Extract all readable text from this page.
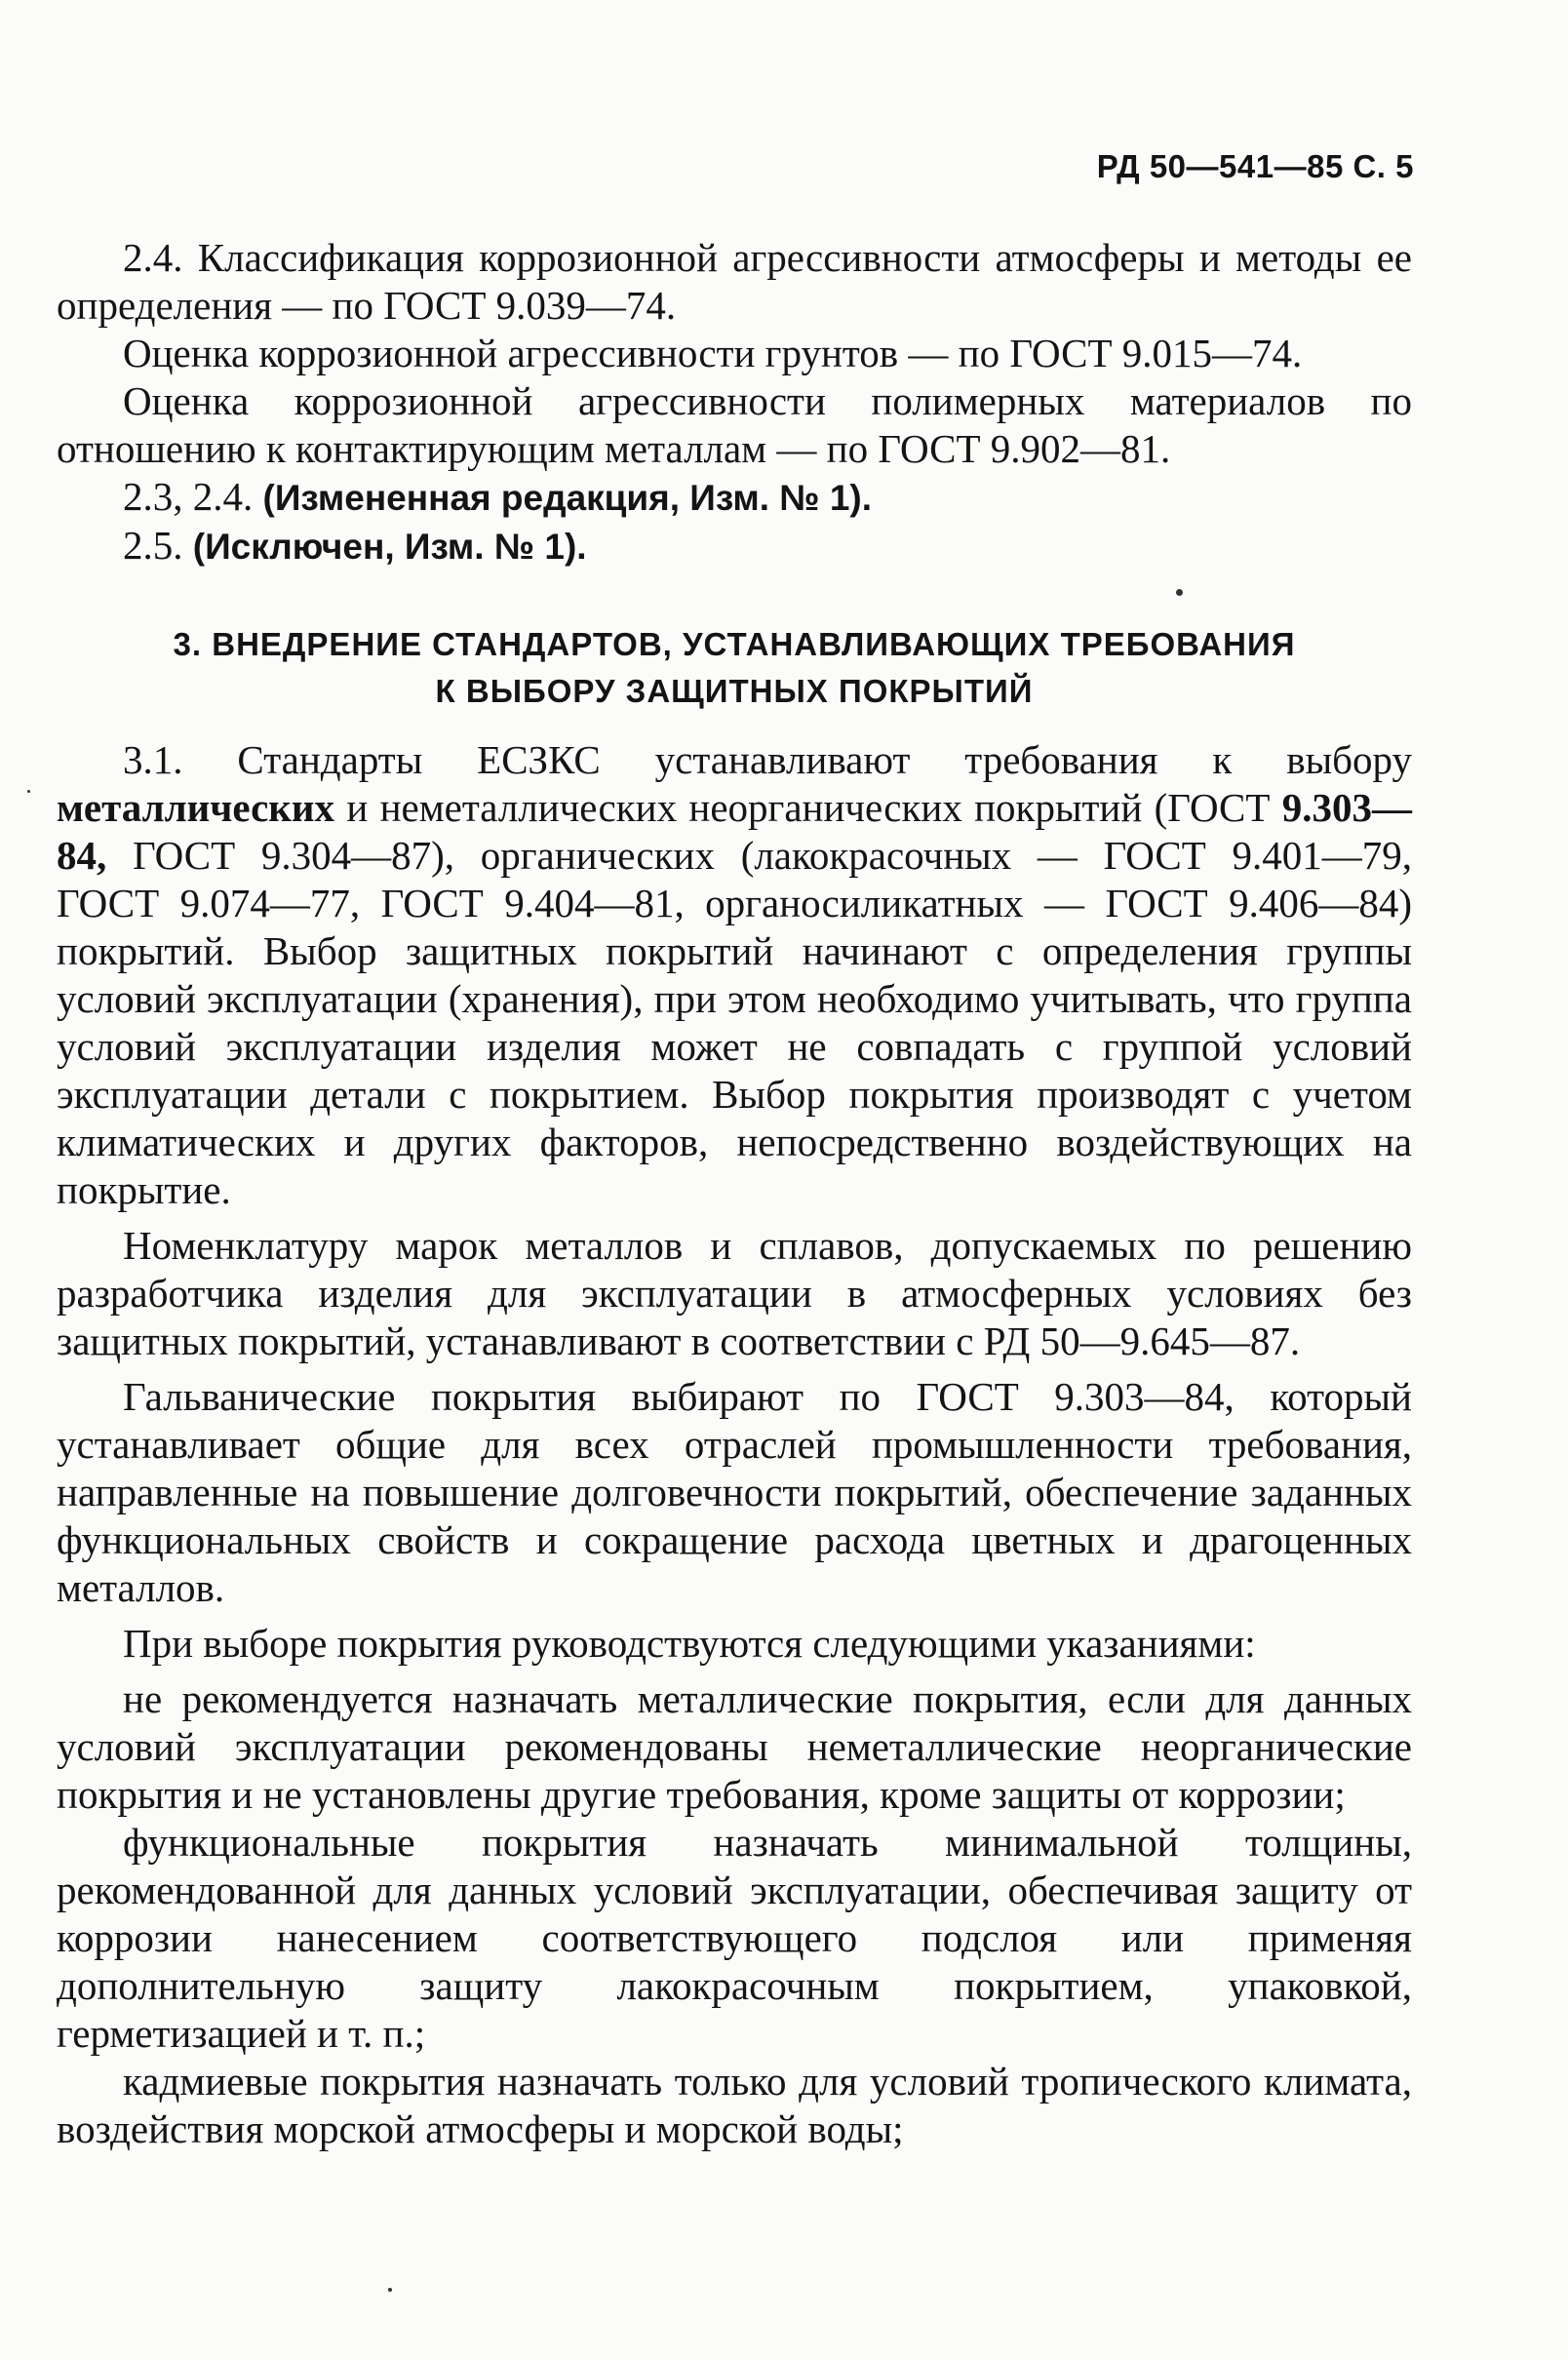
РД 50—541—85 С. 5

2.4. Классификация коррозионной агрессивности атмосферы и методы ее определения — по ГОСТ 9.039—74.

Оценка коррозионной агрессивности грунтов — по ГОСТ 9.015—74.

Оценка коррозионной агрессивности полимерных материалов по отношению к контактирующим металлам — по ГОСТ 9.902—81.

2.3, 2.4. (Измененная редакция, Изм. № 1).

2.5. (Исключен, Изм. № 1).

3. ВНЕДРЕНИЕ СТАНДАРТОВ, УСТАНАВЛИВАЮЩИХ ТРЕБОВАНИЯ
К ВЫБОРУ ЗАЩИТНЫХ ПОКРЫТИЙ

3.1. Стандарты ЕСЗКС устанавливают требования к выбору металлических и неметаллических неорганических покрытий (ГОСТ 9.303—84, ГОСТ 9.304—87), органических (лакокрасочных — ГОСТ 9.401—79, ГОСТ 9.074—77, ГОСТ 9.404—81, органосиликатных — ГОСТ 9.406—84) покрытий. Выбор защитных покрытий начинают с определения группы условий эксплуатации (хранения), при этом необходимо учитывать, что группа условий эксплуатации изделия может не совпадать с группой условий эксплуатации детали с покрытием. Выбор покрытия производят с учетом климатических и других факторов, непосредственно воздействующих на покрытие.

Номенклатуру марок металлов и сплавов, допускаемых по решению разработчика изделия для эксплуатации в атмосферных условиях без защитных покрытий, устанавливают в соответствии с РД 50—9.645—87.

Гальванические покрытия выбирают по ГОСТ 9.303—84, который устанавливает общие для всех отраслей промышленности требования, направленные на повышение долговечности покрытий, обеспечение заданных функциональных свойств и сокращение расхода цветных и драгоценных металлов.

При выборе покрытия руководствуются следующими указаниями:

не рекомендуется назначать металлические покрытия, если для данных условий эксплуатации рекомендованы неметаллические неорганические покрытия и не установлены другие требования, кроме защиты от коррозии;

функциональные покрытия назначать минимальной толщины, рекомендованной для данных условий эксплуатации, обеспечивая защиту от коррозии нанесением соответствующего подслоя или применяя дополнительную защиту лакокрасочным покрытием, упаковкой, герметизацией и т. п.;

кадмиевые покрытия назначать только для условий тропического климата, воздействия морской атмосферы и морской воды;
